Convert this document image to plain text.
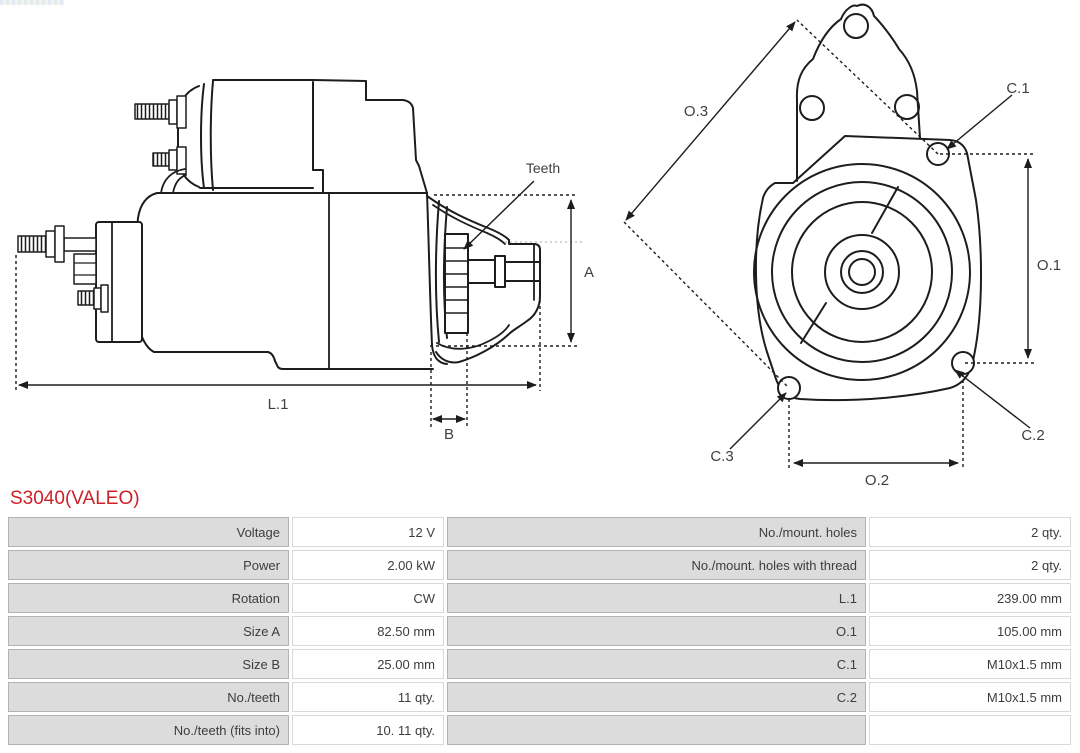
Teeth
A
L.1
B
O.3
C.1
O.1
C.2
C.3
O.2
S3040(VALEO)
Voltage	12 V	No./mount. holes	2 qty.
Power	2.00 kW	No./mount. holes with thread	2 qty.
Rotation	CW	L.1	239.00 mm
Size A	82.50 mm	O.1	105.00 mm
Size B	25.00 mm	C.1	M10x1.5 mm
No./teeth	11 qty.	C.2	M10x1.5 mm
No./teeth (fits into)	10. 11 qty.
